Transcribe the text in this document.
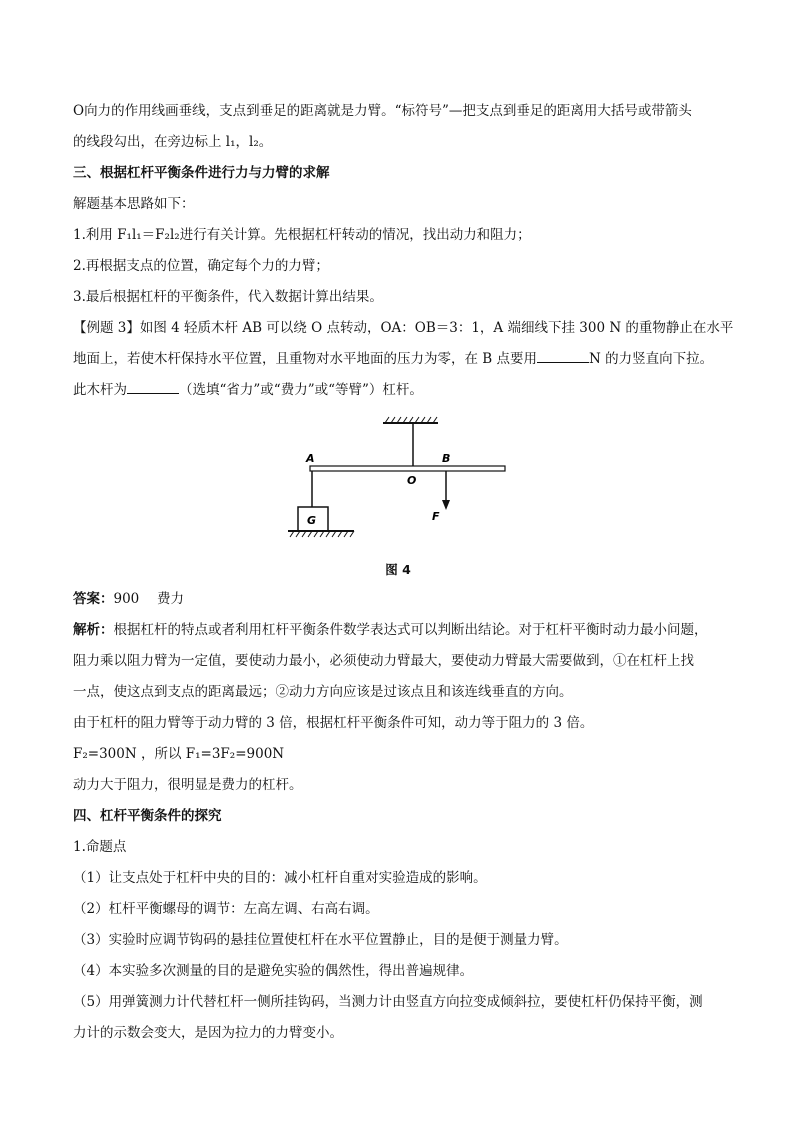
O向力的作用线画垂线，支点到垂足的距离就是力臂。“标符号”—把支点到垂足的距离用大括号或带箭头

的线段勾出，在旁边标上 l₁，l₂。

三、根据杠杆平衡条件进行力与力臂的求解

解题基本思路如下：

1.利用 F₁l₁＝F₂l₂进行有关计算。先根据杠杆转动的情况，找出动力和阻力；

2.再根据支点的位置，确定每个力的力臂；

3.最后根据杠杆的平衡条件，代入数据计算出结果。

【例题 3】如图 4 轻质木杆 AB 可以绕 O 点转动，OA：OB＝3：1，A 端细线下挂 300 N 的重物静止在水平

地面上，若使木杆保持水平位置，且重物对水平地面的压力为零，在 B 点要用	N 的力竖直向下拉。

此木杆为	（选填“省力”或“费力”或“等臂”）杠杆。

A
O
B
F
G
图 4

答案：900　 费力

解析：根据杠杆的特点或者利用杠杆平衡条件数学表达式可以判断出结论。对于杠杆平衡时动力最小问题，

阻力乘以阻力臂为一定值，要使动力最小，必须使动力臂最大，要使动力臂最大需要做到，①在杠杆上找

一点，使这点到支点的距离最远；②动力方向应该是过该点且和该连线垂直的方向。

由于杠杆的阻力臂等于动力臂的 3 倍，根据杠杆平衡条件可知，动力等于阻力的 3 倍。

F₂=300N ，所以 F₁=3F₂=900N

动力大于阻力，很明显是费力的杠杆。

四、杠杆平衡条件的探究

1.命题点

（1）让支点处于杠杆中央的目的：减小杠杆自重对实验造成的影响。

（2）杠杆平衡螺母的调节：左高左调、右高右调。

（3）实验时应调节钩码的悬挂位置使杠杆在水平位置静止，目的是便于测量力臂。

（4）本实验多次测量的目的是避免实验的偶然性，得出普遍规律。

（5）用弹簧测力计代替杠杆一侧所挂钩码，当测力计由竖直方向拉变成倾斜拉，要使杠杆仍保持平衡，测

力计的示数会变大，是因为拉力的力臂变小。
